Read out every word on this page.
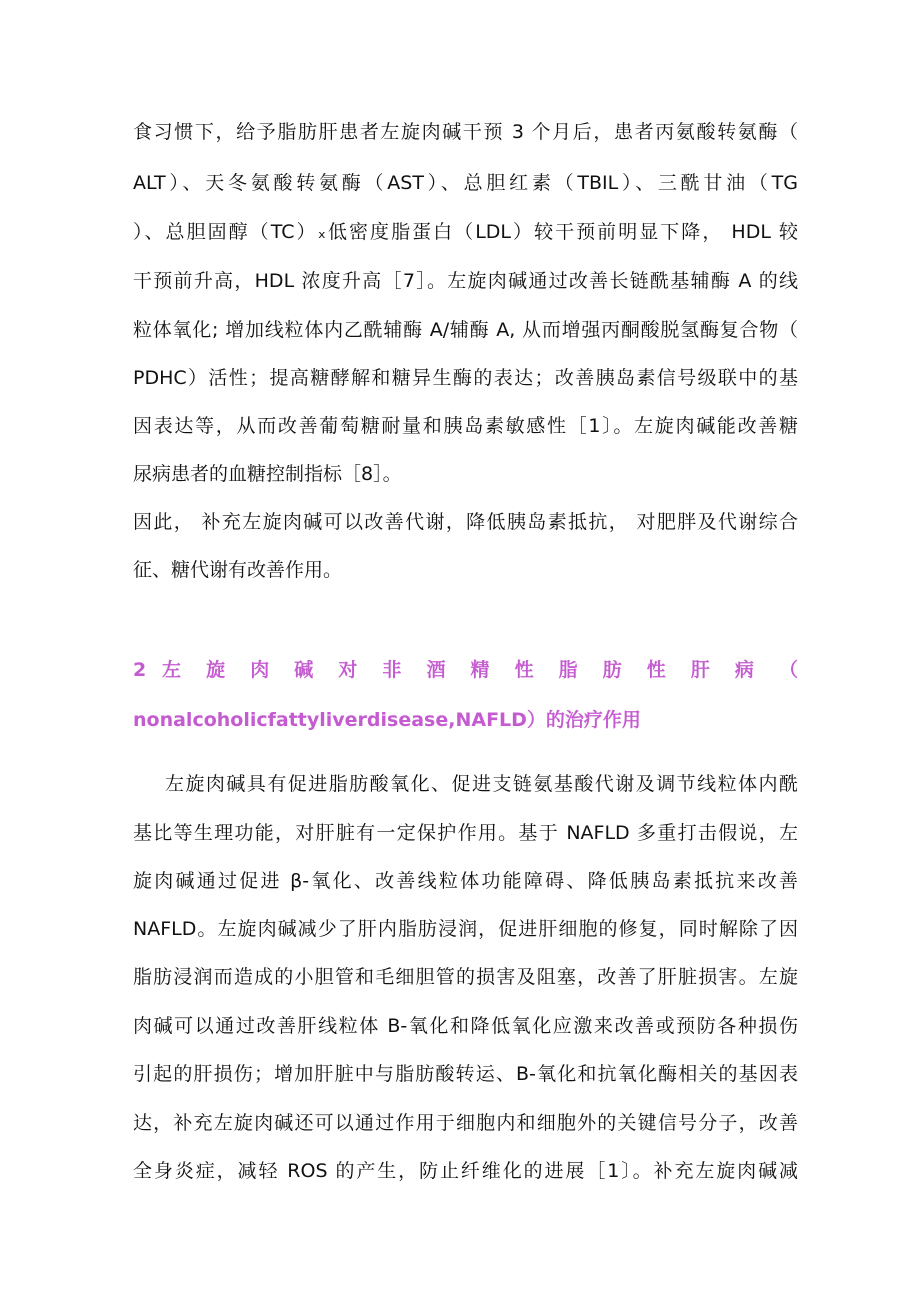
食习惯下，给予脂肪肝患者左旋肉碱干预 3 个月后，患者丙氨酸转氨酶（
ALT）、天冬氨酸转氨酶（AST）、总胆红素（TBIL）、三酰甘油（TG
）、总胆固醇（TC）ₓ低密度脂蛋白（LDL）较干预前明显下降， HDL 较
干预前升高，HDL 浓度升高［7］。左旋肉碱通过改善长链酰基辅酶 A 的线
粒体氧化; 增加线粒体内乙酰辅酶 A/辅酶 A, 从而增强丙酮酸脱氢酶复合物（
PDHC）活性；提高糖酵解和糖异生酶的表达；改善胰岛素信号级联中的基
因表达等，从而改善葡萄糖耐量和胰岛素敏感性［1〕。左旋肉碱能改善糖
尿病患者的血糖控制指标［8］。
因此， 补充左旋肉碱可以改善代谢，降低胰岛素抵抗， 对肥胖及代谢综合
征、糖代谢有改善作用。
2 左 旋 肉 碱 对 非 酒 精 性 脂 肪 性 肝 病 （
nonalcoholicfattyliverdisease,NAFLD）的治疗作用
左旋肉碱具有促进脂肪酸氧化、促进支链氨基酸代谢及调节线粒体内酰
基比等生理功能，对肝脏有一定保护作用。基于 NAFLD 多重打击假说，左
旋肉碱通过促进 β-氧化、改善线粒体功能障碍、降低胰岛素抵抗来改善
NAFLD。左旋肉碱减少了肝内脂肪浸润，促进肝细胞的修复，同时解除了因
脂肪浸润而造成的小胆管和毛细胆管的损害及阻塞，改善了肝脏损害。左旋
肉碱可以通过改善肝线粒体 B-氧化和降低氧化应激来改善或预防各种损伤
引起的肝损伤；增加肝脏中与脂肪酸转运、B-氧化和抗氧化酶相关的基因表
达，补充左旋肉碱还可以通过作用于细胞内和细胞外的关键信号分子，改善
全身炎症，减轻 ROS 的产生，防止纤维化的进展［1〕。补充左旋肉碱减
